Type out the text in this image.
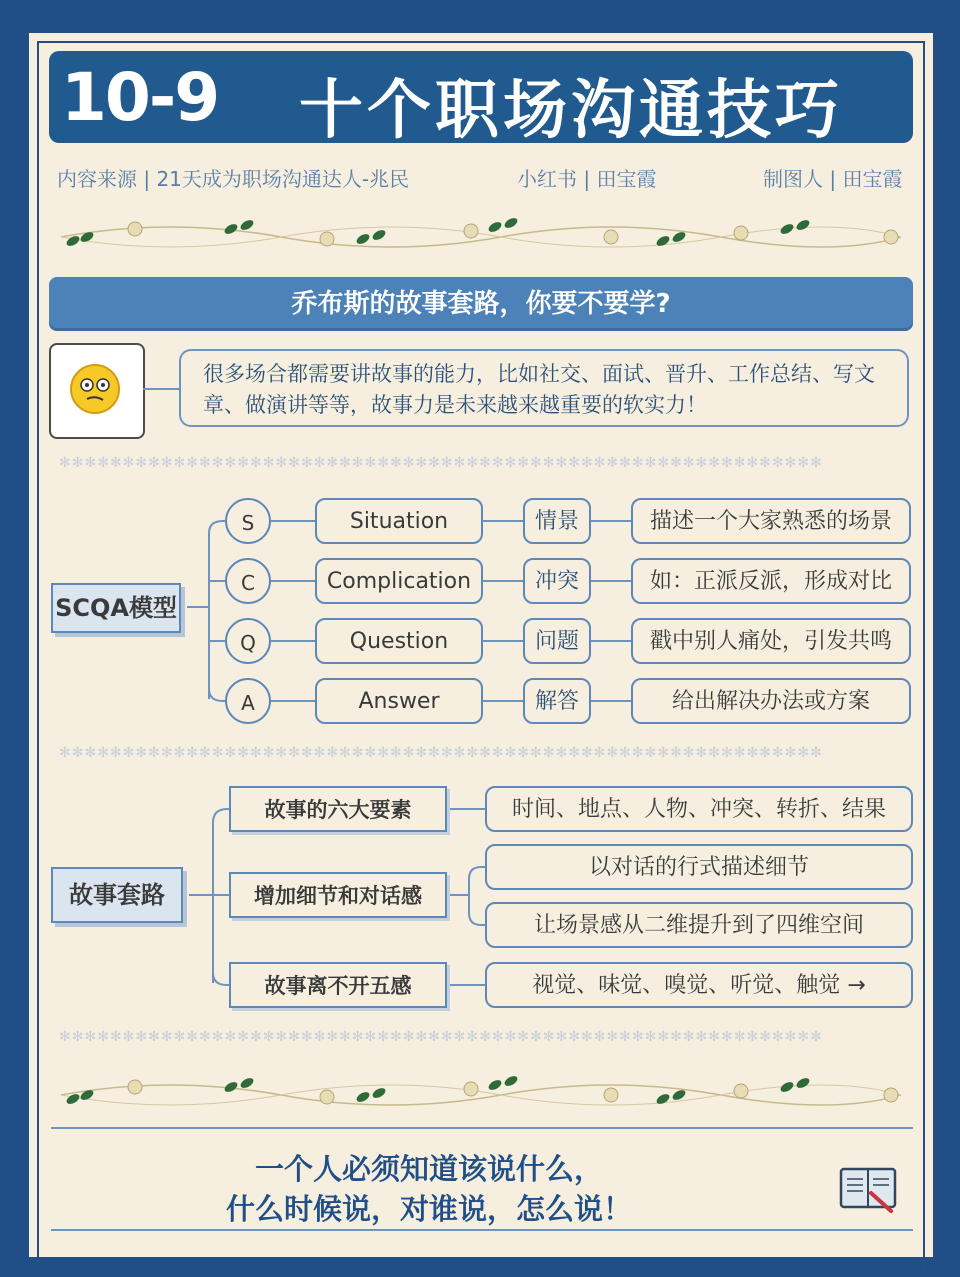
10-9 十个职场沟通技巧
内容来源 | 21天成为职场沟通达人-兆民	小红书 | 田宝霞	制图人 | 田宝霞
乔布斯的故事套路，你要不要学?
很多场合都需要讲故事的能力，比如社交、面试、晋升、工作总结、写文章、做演讲等等，故事力是未来越来越重要的软实力！
✻✻✻✻✻✻✻✻✻✻✻✻✻✻✻✻✻✻✻✻✻✻✻✻✻✻✻✻✻✻✻✻✻✻✻✻✻✻✻✻✻✻✻✻✻✻✻✻✻✻✻✻✻✻✻✻✻✻✻✻
SCQA模型
S
C
Q
A
Situation
Complication
Question
Answer
情景
冲突
问题
解答
描述一个大家熟悉的场景
如：正派反派，形成对比
戳中别人痛处，引发共鸣
给出解决办法或方案
✻✻✻✻✻✻✻✻✻✻✻✻✻✻✻✻✻✻✻✻✻✻✻✻✻✻✻✻✻✻✻✻✻✻✻✻✻✻✻✻✻✻✻✻✻✻✻✻✻✻✻✻✻✻✻✻✻✻✻✻
故事套路
故事的六大要素
增加细节和对话感
故事离不开五感
时间、地点、人物、冲突、转折、结果
以对话的行式描述细节
让场景感从二维提升到了四维空间
视觉、味觉、嗅觉、听觉、触觉 →
✻✻✻✻✻✻✻✻✻✻✻✻✻✻✻✻✻✻✻✻✻✻✻✻✻✻✻✻✻✻✻✻✻✻✻✻✻✻✻✻✻✻✻✻✻✻✻✻✻✻✻✻✻✻✻✻✻✻✻✻
一个人必须知道该说什么，
什么时候说，对谁说，怎么说！
